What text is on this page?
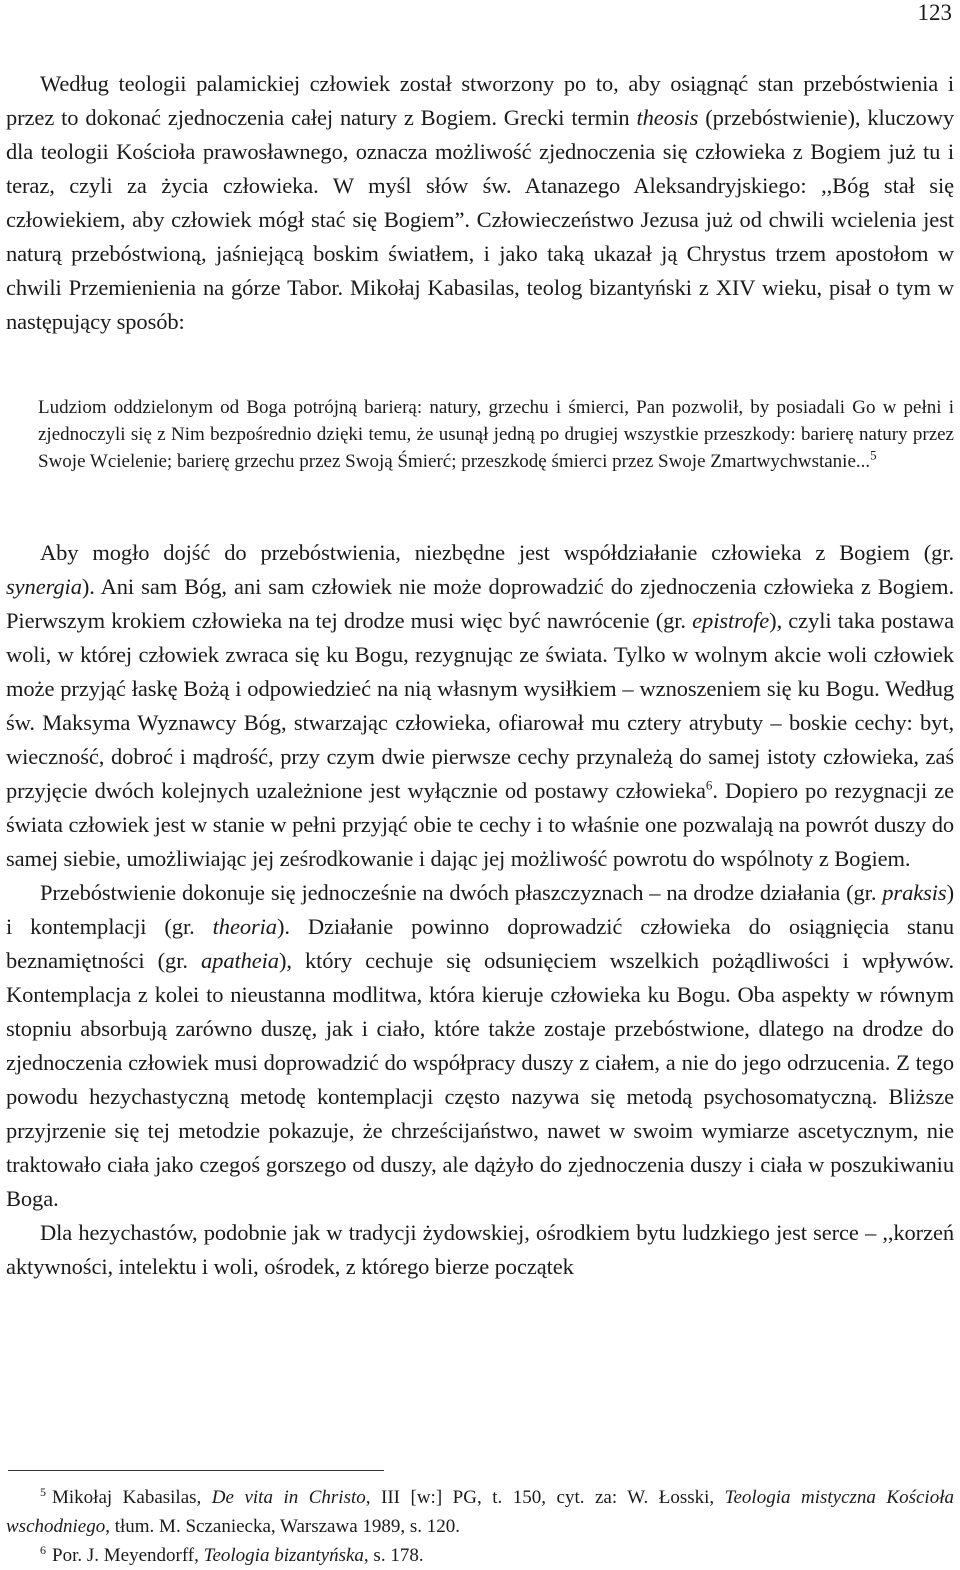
123

Według teologii palamickiej człowiek został stworzony po to, aby osiągnąć stan przebóstwienia i przez to dokonać zjednoczenia całej natury z Bogiem. Grecki termin theosis (przebóstwienie), kluczowy dla teologii Kościoła prawosławnego, oznacza możliwość zjednoczenia się człowieka z Bogiem już tu i teraz, czyli za życia człowieka. W myśl słów św. Atanazego Aleksandryjskiego: ,,Bóg stał się człowiekiem, aby człowiek mógł stać się Bogiem”. Człowieczeństwo Jezusa już od chwili wcielenia jest naturą przebóstwioną, jaśniejącą boskim światłem, i jako taką ukazał ją Chrystus trzem apostołom w chwili Przemienienia na górze Tabor. Mikołaj Kabasilas, teolog bizantyński z XIV wieku, pisał o tym w następujący sposób:

Ludziom oddzielonym od Boga potrójną barierą: natury, grzechu i śmierci, Pan pozwolił, by posiadali Go w pełni i zjednoczyli się z Nim bezpośrednio dzięki temu, że usunął jedną po drugiej wszystkie przeszkody: barierę natury przez Swoje Wcielenie; barierę grzechu przez Swoją Śmierć; przeszkodę śmierci przez Swoje Zmartwychwstanie...$^5$

Aby mogło dojść do przebóstwienia, niezbędne jest współdziałanie człowieka z Bogiem (gr. synergia). Ani sam Bóg, ani sam człowiek nie może doprowadzić do zjednoczenia człowieka z Bogiem. Pierwszym krokiem człowieka na tej drodze musi więc być nawrócenie (gr. epistrofe), czyli taka postawa woli, w której człowiek zwraca się ku Bogu, rezygnując ze świata. Tylko w wolnym akcie woli człowiek może przyjąć łaskę Bożą i odpowiedzieć na nią własnym wysiłkiem – wznoszeniem się ku Bogu. Według św. Maksyma Wyznawcy Bóg, stwarzając człowieka, ofiarował mu cztery atrybuty – boskie cechy: byt, wieczność, dobroć i mądrość, przy czym dwie pierwsze cechy przynależą do samej istoty człowieka, zaś przyjęcie dwóch kolejnych uzależnione jest wyłącznie od postawy człowieka$^6$. Dopiero po rezygnacji ze świata człowiek jest w stanie w pełni przyjąć obie te cechy i to właśnie one pozwalają na powrót duszy do samej siebie, umożliwiając jej ześrodkowanie i dając jej możliwość powrotu do wspólnoty z Bogiem.

Przebóstwienie dokonuje się jednocześnie na dwóch płaszczyznach – na drodze działania (gr. praksis) i kontemplacji (gr. theoria). Działanie powinno doprowadzić człowieka do osiągnięcia stanu beznamiętności (gr. apatheia), który cechuje się odsunięciem wszelkich pożądliwości i wpływów. Kontemplacja z kolei to nieustanna modlitwa, która kieruje człowieka ku Bogu. Oba aspekty w równym stopniu absorbują zarówno duszę, jak i ciało, które także zostaje przebóstwione, dlatego na drodze do zjednoczenia człowiek musi doprowadzić do współpracy duszy z ciałem, a nie do jego odrzucenia. Z tego powodu hezychastyczną metodę kontemplacji często nazywa się metodą psychosomatyczną. Bliższe przyjrzenie się tej metodzie pokazuje, że chrześcijaństwo, nawet w swoim wymiarze ascetycznym, nie traktowało ciała jako czegoś gorszego od duszy, ale dążyło do zjednoczenia duszy i ciała w poszukiwaniu Boga.

Dla hezychastów, podobnie jak w tradycji żydowskiej, ośrodkiem bytu ludzkiego jest serce – ,,korzeń aktywności, intelektu i woli, ośrodek, z którego bierze początek

$^5$ Mikołaj Kabasilas, De vita in Christo, III [w:] PG, t. 150, cyt. za: W. Łosski, Teologia mistyczna Kościoła wschodniego, tłum. M. Sczaniecka, Warszawa 1989, s. 120.

$^6$ Por. J. Meyendorff, Teologia bizantyńska, s. 178.
